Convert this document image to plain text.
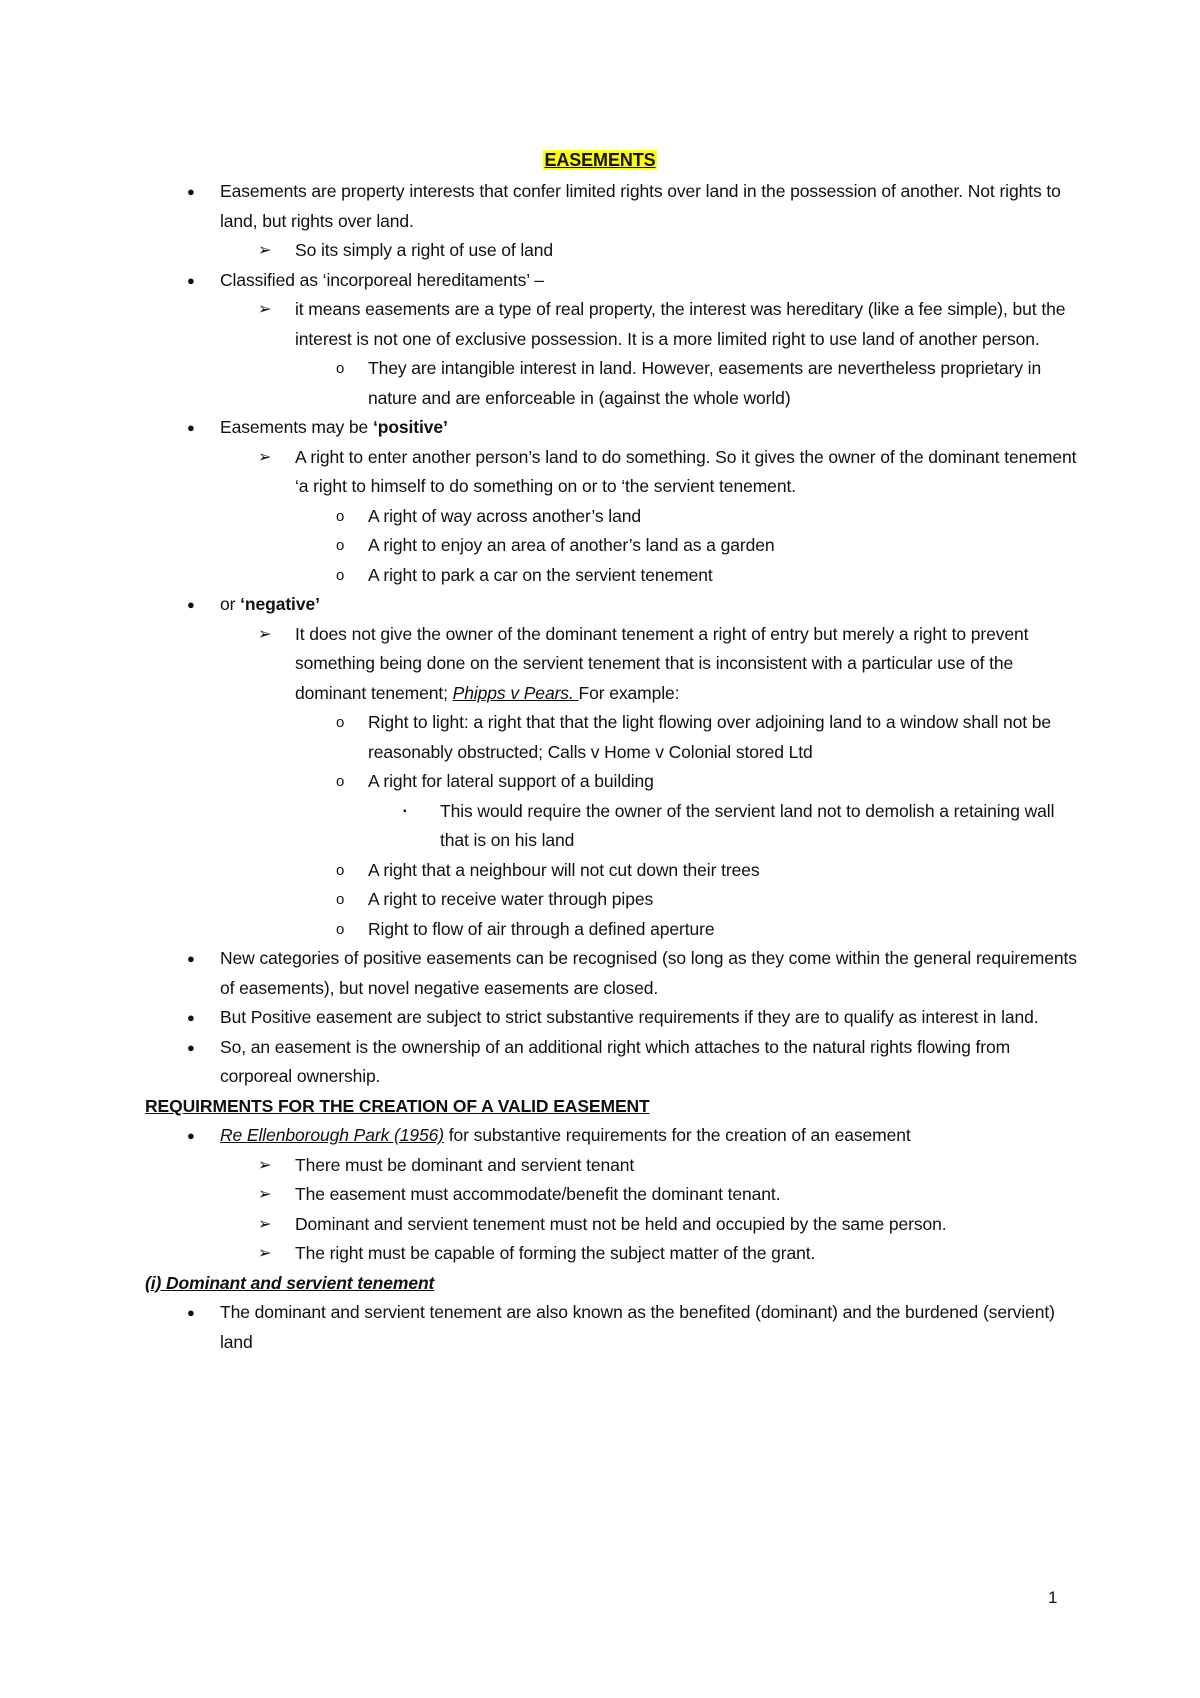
EASEMENTS
● Easements are property interests that confer limited rights over land in the possession of another. Not rights to land, but rights over land.
➢ So its simply a right of use of land
● Classified as ‘incorporeal hereditaments’ –
➢ it means easements are a type of real property, the interest was hereditary (like a fee simple), but the interest is not one of exclusive possession. It is a more limited right to use land of another person.
o They are intangible interest in land. However, easements are nevertheless proprietary in nature and are enforceable in (against the whole world)
● Easements may be ‘positive’
➢ A right to enter another person’s land to do something. So it gives the owner of the dominant tenement ‘a right to himself to do something on or to ‘the servient tenement.
o A right of way across another’s land
o A right to enjoy an area of another’s land as a garden
o A right to park a car on the servient tenement
● or ‘negative’
➢ It does not give the owner of the dominant tenement a right of entry but merely a right to prevent something being done on the servient tenement that is inconsistent with a particular use of the dominant tenement; Phipps v Pears. For example:
o Right to light: a right that that the light flowing over adjoining land to a window shall not be reasonably obstructed; Calls v Home v Colonial stored Ltd
o A right for lateral support of a building
▪ This would require the owner of the servient land not to demolish a retaining wall that is on his land
o A right that a neighbour will not cut down their trees
o A right to receive water through pipes
o Right to flow of air through a defined aperture
● New categories of positive easements can be recognised (so long as they come within the general requirements of easements), but novel negative easements are closed.
● But Positive easement are subject to strict substantive requirements if they are to qualify as interest in land.
● So, an easement is the ownership of an additional right which attaches to the natural rights flowing from corporeal ownership.
REQUIRMENTS FOR THE CREATION OF A VALID EASEMENT
● Re Ellenborough Park (1956) for substantive requirements for the creation of an easement
➢ There must be dominant and servient tenant
➢ The easement must accommodate/benefit the dominant tenant.
➢ Dominant and servient tenement must not be held and occupied by the same person.
➢ The right must be capable of forming the subject matter of the grant.
(i) Dominant and servient tenement
● The dominant and servient tenement are also known as the benefited (dominant) and the burdened (servient) land
1
